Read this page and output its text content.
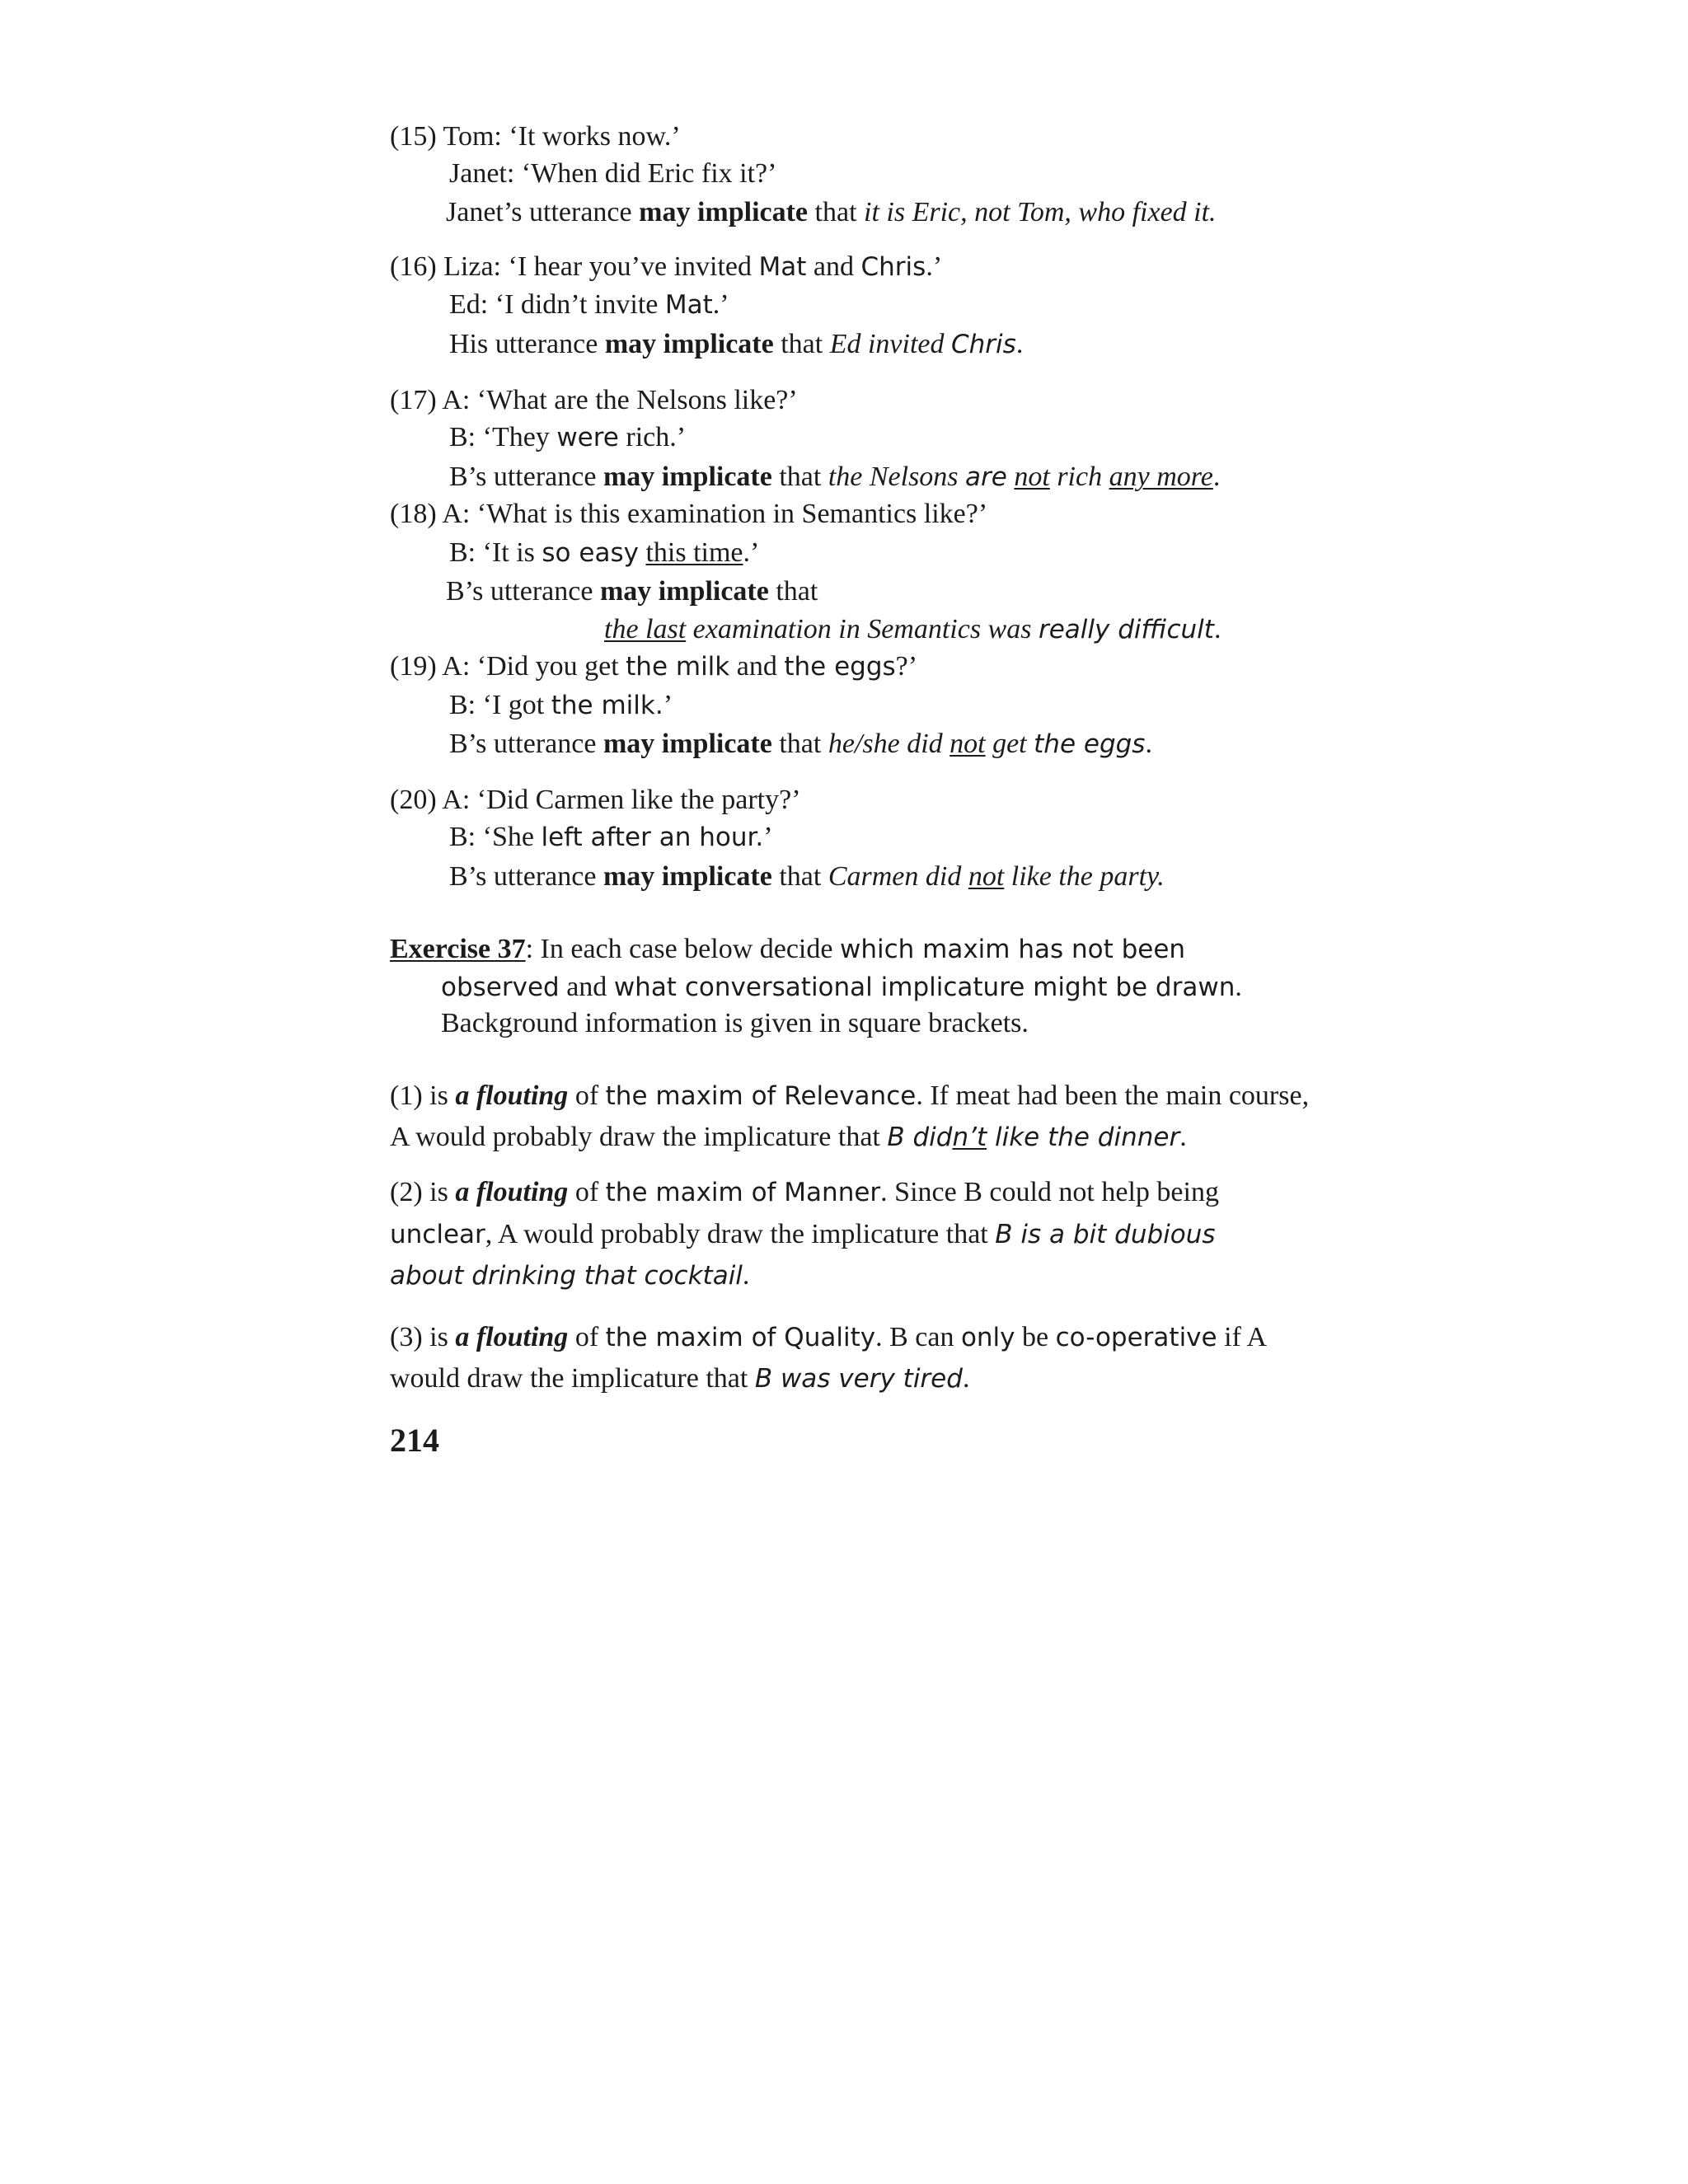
(15) Tom: ‘It works now.’
Janet: ‘When did Eric fix it?’
Janet’s utterance may implicate that it is Eric, not Tom, who fixed it.
(16) Liza: ‘I hear you’ve invited Mat and Chris.’
Ed: ‘I didn’t invite Mat.’
His utterance may implicate that Ed invited Chris.
(17) A: ‘What are the Nelsons like?’
B: ‘They were rich.’
B’s utterance may implicate that the Nelsons are not rich any more.
(18) A: ‘What is this examination in Semantics like?’
B: ‘It is so easy this time.’
B’s utterance may implicate that
the last examination in Semantics was really difficult.
(19) A: ‘Did you get the milk and the eggs?’
B: ‘I got the milk.’
B’s utterance may implicate that he/she did not get the eggs.
(20) A: ‘Did Carmen like the party?’
B: ‘She left after an hour.’
B’s utterance may implicate that Carmen did not like the party.
Exercise 37: In each case below decide which maxim has not been
observed and what conversational implicature might be drawn.
Background information is given in square brackets.
(1) is a flouting of the maxim of Relevance. If meat had been the main course,
A would probably draw the implicature that B didn’t like the dinner.
(2) is a flouting of the maxim of Manner. Since B could not help being
unclear, A would probably draw the implicature that B is a bit dubious
about drinking that cocktail.
(3) is a flouting of the maxim of Quality. B can only be co-operative if A
would draw the implicature that B was very tired.
214
